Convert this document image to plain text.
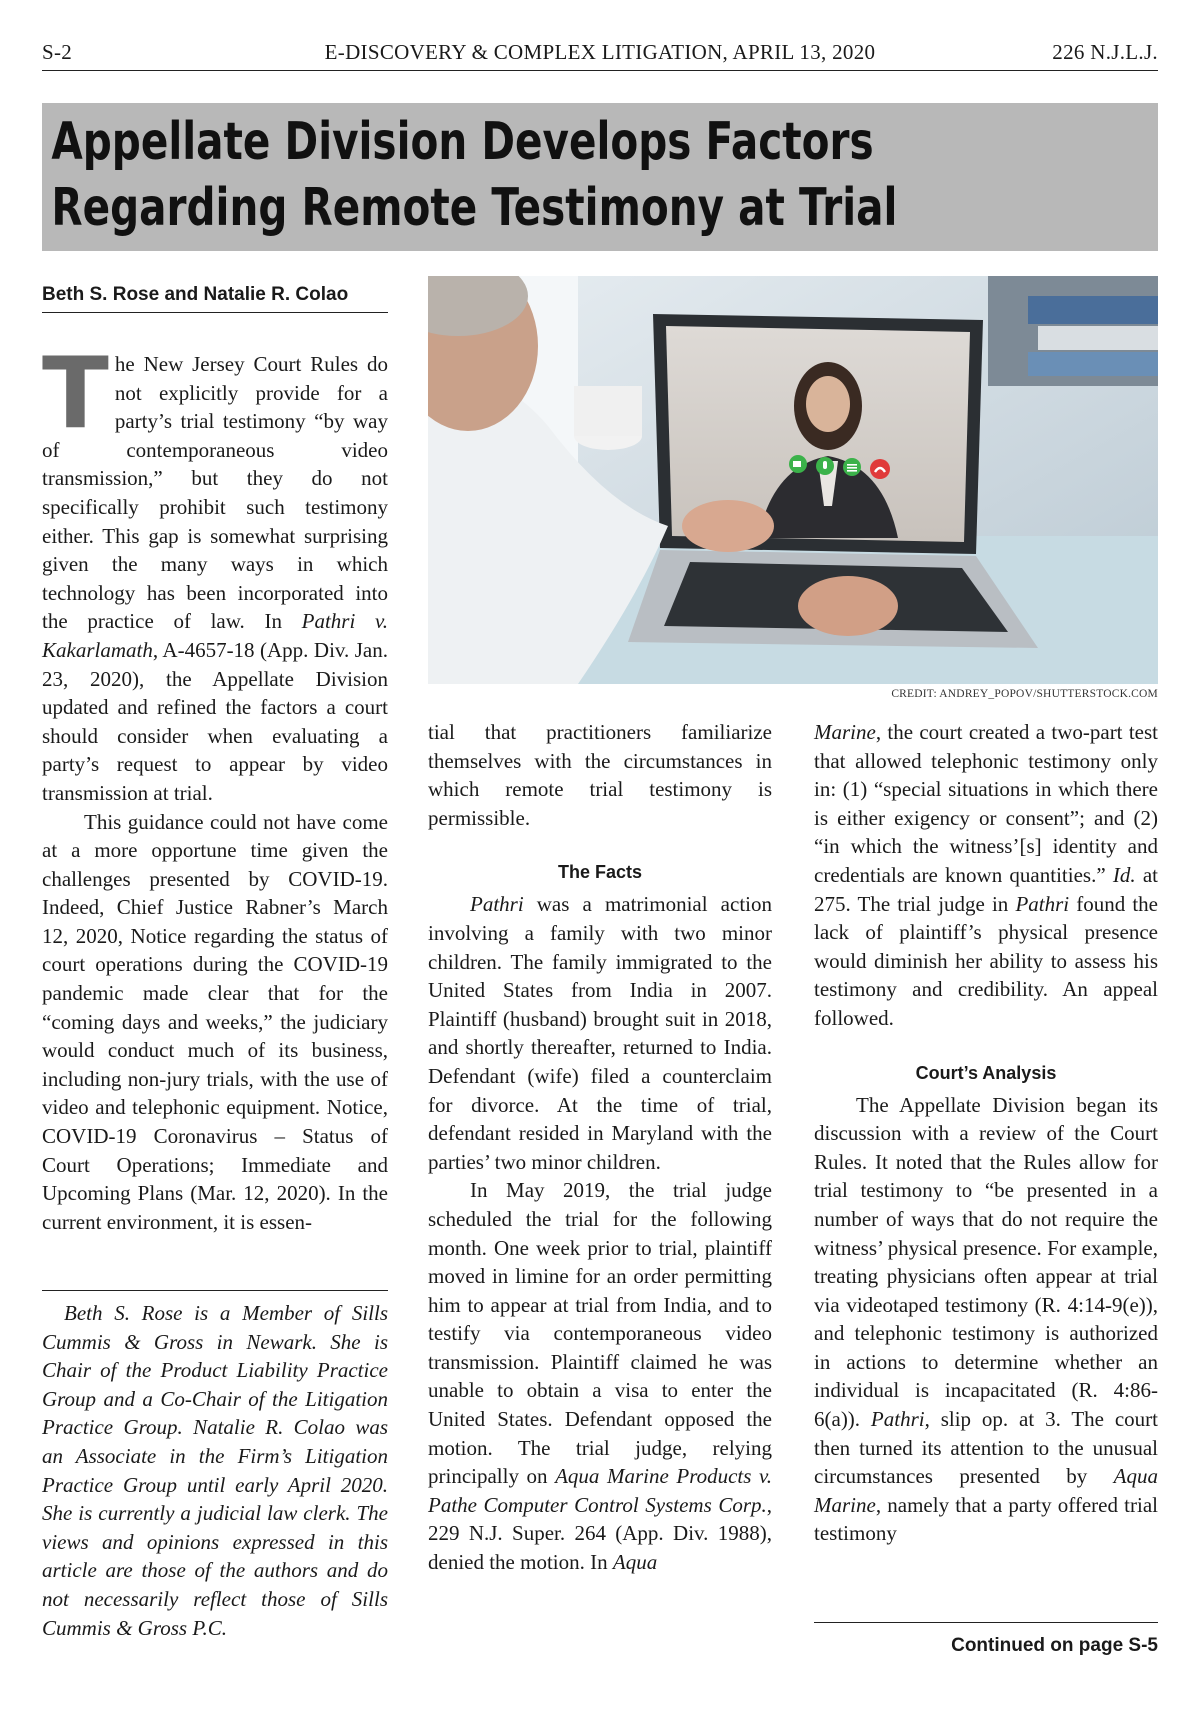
S-2	E-DISCOVERY & COMPLEX LITIGATION, APRIL 13, 2020	226 N.J.L.J.
Appellate Division Develops Factors
Regarding Remote Testimony at Trial
Beth S. Rose and Natalie R. Colao

The New Jersey Court Rules do not explicitly provide for a party’s trial testimony “by way of contemporaneous video transmission,” but they do not specifically prohibit such testimony either. This gap is somewhat surprising given the many ways in which technology has been incorporated into the practice of law. In Pathri v. Kakarlamath, A-4657-18 (App. Div. Jan. 23, 2020), the Appellate Division updated and refined the factors a court should consider when evaluating a party’s request to appear by video transmission at trial.

This guidance could not have come at a more opportune time given the challenges presented by COVID-19. Indeed, Chief Justice Rabner’s March 12, 2020, Notice regarding the status of court operations during the COVID-19 pandemic made clear that for the “coming days and weeks,” the judiciary would conduct much of its business, including non-jury trials, with the use of video and telephonic equipment. Notice, COVID-19 Coronavirus – Status of Court Operations; Immediate and Upcoming Plans (Mar. 12, 2020). In the current environment, it is essen-

Beth S. Rose is a Member of Sills Cummis & Gross in Newark. She is Chair of the Product Liability Practice Group and a Co-Chair of the Litigation Practice Group. Natalie R. Colao was an Associate in the Firm’s Litigation Practice Group until early April 2020. She is currently a judicial law clerk. The views and opinions expressed in this article are those of the authors and do not necessarily reflect those of Sills Cummis & Gross P.C.

CREDIT: ANDREY_POPOV/SHUTTERSTOCK.COM

tial that practitioners familiarize themselves with the circumstances in which remote trial testimony is permissible.

The Facts

Pathri was a matrimonial action involving a family with two minor children. The family immigrated to the United States from India in 2007. Plaintiff (husband) brought suit in 2018, and shortly thereafter, returned to India. Defendant (wife) filed a counterclaim for divorce. At the time of trial, defendant resided in Maryland with the parties’ two minor children.

In May 2019, the trial judge scheduled the trial for the following month. One week prior to trial, plaintiff moved in limine for an order permitting him to appear at trial from India, and to testify via contemporaneous video transmission. Plaintiff claimed he was unable to obtain a visa to enter the United States. Defendant opposed the motion. The trial judge, relying principally on Aqua Marine Products v. Pathe Computer Control Systems Corp., 229 N.J. Super. 264 (App. Div. 1988), denied the motion. In Aqua

Marine, the court created a two-part test that allowed telephonic testimony only in: (1) “special situations in which there is either exigency or consent”; and (2) “in which the witness’[s] identity and credentials are known quantities.” Id. at 275. The trial judge in Pathri found the lack of plaintiff’s physical presence would diminish her ability to assess his testimony and credibility. An appeal followed.

Court’s Analysis

The Appellate Division began its discussion with a review of the Court Rules. It noted that the Rules allow for trial testimony to “be presented in a number of ways that do not require the witness’ physical presence. For example, treating physicians often appear at trial via videotaped testimony (R. 4:14-9(e)), and telephonic testimony is authorized in actions to determine whether an individual is incapacitated (R. 4:86-6(a)). Pathri, slip op. at 3. The court then turned its attention to the unusual circumstances presented by Aqua Marine, namely that a party offered trial testimony

Continued on page S-5
